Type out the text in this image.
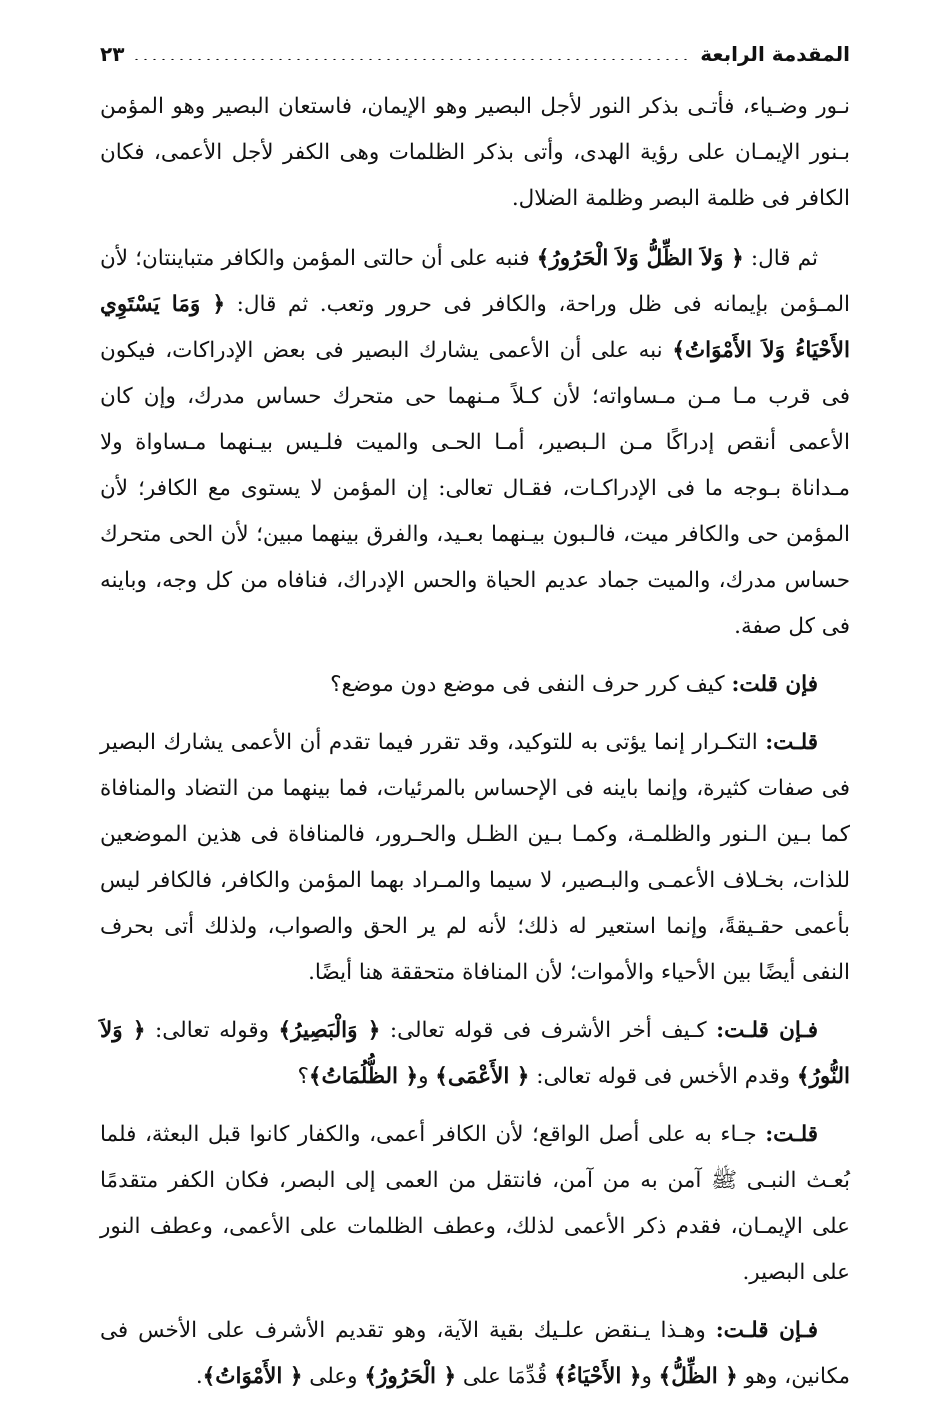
المقدمة الرابعة
٢٣

نـور وضـياء، فأتـى بذكر النور لأجل البصير وهو الإيمان، فاستعان البصير وهو المؤمن بـنور الإيمـان على رؤية الهدى، وأتى بذكر الظلمات وهى الكفر لأجل الأعمى، فكان الكافر فى ظلمة البصر وظلمة الضلال.

ثم قال: ﴿ وَلاَ الظِّلُّ وَلاَ الْحَرُورُ﴾ فنبه على أن حالتى المؤمن والكافر متباينتان؛ لأن المـؤمن بإيمانه فى ظل وراحة، والكافر فى حرور وتعب. ثم قال: ﴿ وَمَا يَسْتَوِي الأَحْيَاءُ وَلاَ الأَمْوَاتُ﴾ نبه على أن الأعمى يشارك البصير فى بعض الإدراكات، فيكون فى قرب مـا مـن مـساواته؛ لأن كـلاً مـنهما حى متحرك حساس مدرك، وإن كان الأعمى أنقص إدراكًا مـن الـبصير، أمـا الحـى والميت فلـيس بيـنهما مـساواة ولا مـداناة بـوجه ما فى الإدراكـات، فقـال تعالى: إن المؤمن لا يستوى مع الكافر؛ لأن المؤمن حى والكافر ميت، فالـبون بيـنهما بعـيد، والفرق بينهما مبين؛ لأن الحى متحرك حساس مدرك، والميت جماد عديم الحياة والحس الإدراك، فنافاه من كل وجه، وباينه فى كل صفة.

فإن قلت: كيف كرر حرف النفى فى موضع دون موضع؟

قلـت: التكـرار إنما يؤتى به للتوكيد، وقد تقرر فيما تقدم أن الأعمى يشارك البصير فى صفات كثيرة، وإنما باينه فى الإحساس بالمرئيات، فما بينهما من التضاد والمنافاة كما بـين الـنور والظلمـة، وكمـا بـين الظـل والحـرور، فالمنافاة فى هذين الموضعين للذات، بخـلاف الأعمـى والبـصير، لا سيما والمـراد بهما المؤمن والكافر، فالكافر ليس بأعمى حقـيقةً، وإنما استعير له ذلك؛ لأنه لم ير الحق والصواب، ولذلك أتى بحرف النفى أيضًا بين الأحياء والأموات؛ لأن المنافاة متحققة هنا أيضًا.

فـإن قلـت: كـيف أخر الأشرف فى قوله تعالى: ﴿ وَالْبَصِيرُ﴾ وقوله تعالى: ﴿ وَلاَ النُّورُ﴾ وقدم الأخس فى قوله تعالى: ﴿ الأَعْمَى﴾ و﴿ الظُّلُمَاتُ﴾؟

قلـت: جـاء به على أصل الواقع؛ لأن الكافر أعمى، والكفار كانوا قبل البعثة، فلما بُعـث النبـى ﷺ آمن به من آمن، فانتقل من العمى إلى البصر، فكان الكفر متقدمًا على الإيمـان، فقدم ذكر الأعمى لذلك، وعطف الظلمات على الأعمى، وعطف النور على البصير.

فـإن قلـت: وهـذا يـنقض علـيك بقية الآية، وهو تقديم الأشرف على الأخس فى مكانين، وهو ﴿ الظِّلُّ﴾ و﴿ الأَحْيَاءُ﴾ قُدِّمَا على ﴿ الْحَرُورُ﴾ وعلى ﴿ الأَمْوَاتُ﴾.
